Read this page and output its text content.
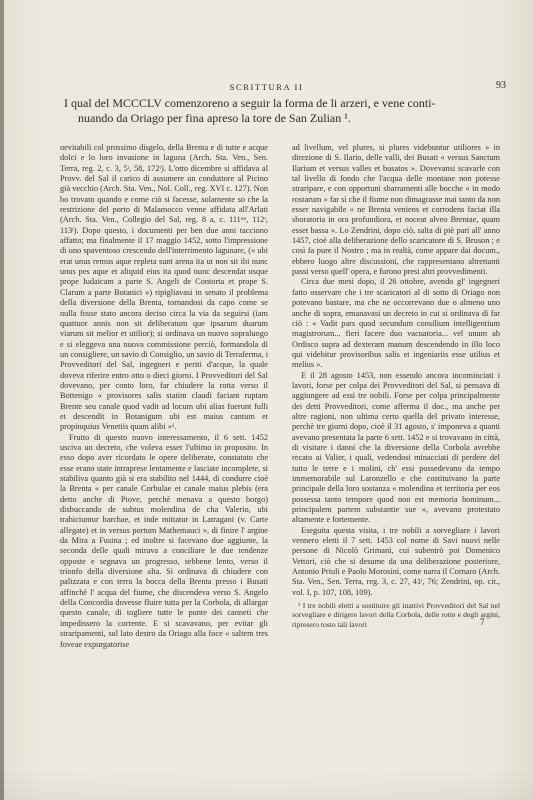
SCRITTURA II	93
I qual del MCCCLV comenzoreno a seguir la forma de li arzeri, e vene conti-
nuando da Oriago per fina apreso la tore de San Zulian ¹.

nevitabili col prossimo disgelo, della Brenta e di tutte e acque dolci e lo loro invasione in laguna (Arch. Sta. Ven., Sen. Terra, reg. 2, c. 3, 5ᵗ, 58, 172ᵗ). L'otto dicembre si affidava al Provv. del Sal il carico di assumere un conduttore al Picino già vecchio (Arch. Sta. Ven., Nol. Coll., reg. XVI c. 127). Non bo trovato quando e come ciò si facesse, solamente so che la restrizione del porto di Malamocco venne affidata all'Arlati (Arch. Sta. Ven., Collegio del Sal, reg. 8 a, c. 111ᵗᵉˢ, 112ᵗ, 113ᵗ). Dopo questo, i documenti per ben due anni tacciono affatto; ma finalmente il 17 maggio 1452, sotto l'impressione di uno spaventoso crescendo dell'interrimento lagunare, (« ubi erat unus remus aque repleta sunt arena ita ut non sit ibi nunc unus pes aque et aliquid eius ita quod nunc descendat usque prope Iudaicam a parte S. Angeli de Contorta et prope S. Clarum a parte Botanici ») ripigliavasi in senato il problema della diversione della Brenta, tornandosi da capo come se nulla fosse stato ancora deciso circa la via da seguirsi (iam quattuor annis non sit deliberatum que ipsarum duarum viarum sit melior et utilior); si ordinava un nuovo sopraluogo e si eleggeva una nuova commissione perciò, formandola di un consigliere, un savio di Consiglio, un savio di Terraferma, i Provveditori del Sal, ingegneri e periti d'acque, la quale doveva riferire entro otto o dieci giorni. I Provveditori del Sal dovevano, per conto loro, far chiudere la rotta verso il Bottenigo « provisores salis statim claudi faciant ruptam Brente seu canale quod vadit ad locum ubi alias fuerunt fulli et descendit in Botanigum ubi est maius cantum et propinquius Venetiis quam alibi »¹.

Frutto di questo nuovo interessamento, il 6 sett. 1452 usciva un decreto, che voleva esser l'ultimo in proposito. In esso dopo aver ricordato le opere deliberate, constatato che esse erano state intraprese lentamente e lasciate incomplete, si stabiliva quanto già si era stabilito nel 1444, di condurre cioè la Brenta « per canale Corbulae et canale maius plebis (era detto anche di Piove, perchè menava a questo borgo) disbuccando de subtus molendina de cha Valerio, ubi trahiciuntur barchae, et inde mittatur in Latragani (v. Carte allegate) et in versus portum Mathemauci », di finire l' argine da Mira a Fusina ; ed inoltre si facevano due aggiunte, la seconda delle quali mirava a conciliare le due tendenze opposte e segnava un progresso, sebbene lento, verso il trionfo della diversione alta. Si ordinava di chiudere con palizzata e con terra la bocca della Brenta presso i Busati affinchè l' acqua del fiume, che discendeva verso S. Angelo della Concordia dovesse fluire tutta per la Corbola, di allargar questo canale, di togliere tutte le punte dei canneti che impedissero la corrente. E si scavavano, per evitar gli straripamenti, sul lato destro da Oriago alla foce « saltem tres foveae expurgatorise

ad livellum, vel plures, si plures videbuntur utiliores » in direzione di S. Ilario, delle valli, dei Busati « versus Sanctum Ilarium et versus valles et busatos ». Dovevansi scavarle con tal livello di fondo che l'acqua delle montane non potesse straripare, e con opportuni sbarramenti alle bocche « in modo rostarum » far sì che il fiume non dimagrasse mai tanto da non esser navigabile « ne Brenta veniens et corrodens faciat illa sboratoria in ora profundiora, et noceat alveo Brentae, quam esset bassa ». Lo Zendrini, dopo ciò, salta di piè pari all' anno 1457, cioè alla deliberazione dello scaricatore di S. Bruson ; e così fa pure il Nostro ; ma in realtà, come appare dai docum., ebbero luogo altre discussioni, che rappresentano altrettanti passi verso quell' opera, e furono presi altri provvedimenti.

Circa due mesi dopo, il 26 ottobre, avendo gl' ingegneri fatto osservare che i tre scaricatori al di sotto di Oriago non potevano bastare, ma che ne occorrevano due o almeno uno anche di sopra, emanavasi un decreto in cui si ordinava di far ciò : « Vadit pars quod secundum consilium intelligentium magistrorum... fieri facere duo vacuatoria... vel unum ab Ordisco supra ad dexteram manum descendendo in illo loco qui videbitur provisoribus salis et ingeniariis esse utilius et melius ».

E il 28 agosto 1453, non essendo ancora incominciati i lavori, forse per colpa dei Provveditori del Sal, si pensava di aggiungere ad essi tre nobili. Forse per colpa principalmente dei detti Provveditori, come afferma il doc., ma anche per altre ragioni, non ultima certo quella del privato interesse, perchè tre giorni dopo, cioè il 31 agosto, s' imponeva a quanti avevano presentata la parte 6 sett. 1452 e si trovavano in città, di visitare i danni che la diversione della Corbola avrebbe recato ai Valier, i quali, vedendosi minacciati di perdere del tutto le terre e i molini, ch' essi possedevano da tempo immemorabile sul Laronzello e che costituivano la parte principale della loro sostanza « molendina et territoria per eos possessa tanto tempore quod non est memoria hominum... principalem partem substantie sue », avevano protestato altamente e fortemente.

Eseguita questa visita, i tre nobili a sorvegliare i lavori vennero eletti il 7 sett. 1453 col nome di Savi nuovi nelle persone di Nicolò Grimani, cui subentrò poi Domenico Vettori, ciò che si desume da una deliberazione posteriore, Antonio Priuli e Paolo Morosini, come narra il Cornaro (Arch. Sta. Ven., Sen. Terra, reg. 3, c. 27, 41ᵗ, 76; Zendrini, op. cit., vol. I, p. 107, 108, 109).

¹ I tre nobili eletti a sostituire gli inattivi Provveditori del Sal nel sorvegliare e dirigere lavori della Corbola, delle rotte e degli argini, ripresero tosto tali lavori	7
